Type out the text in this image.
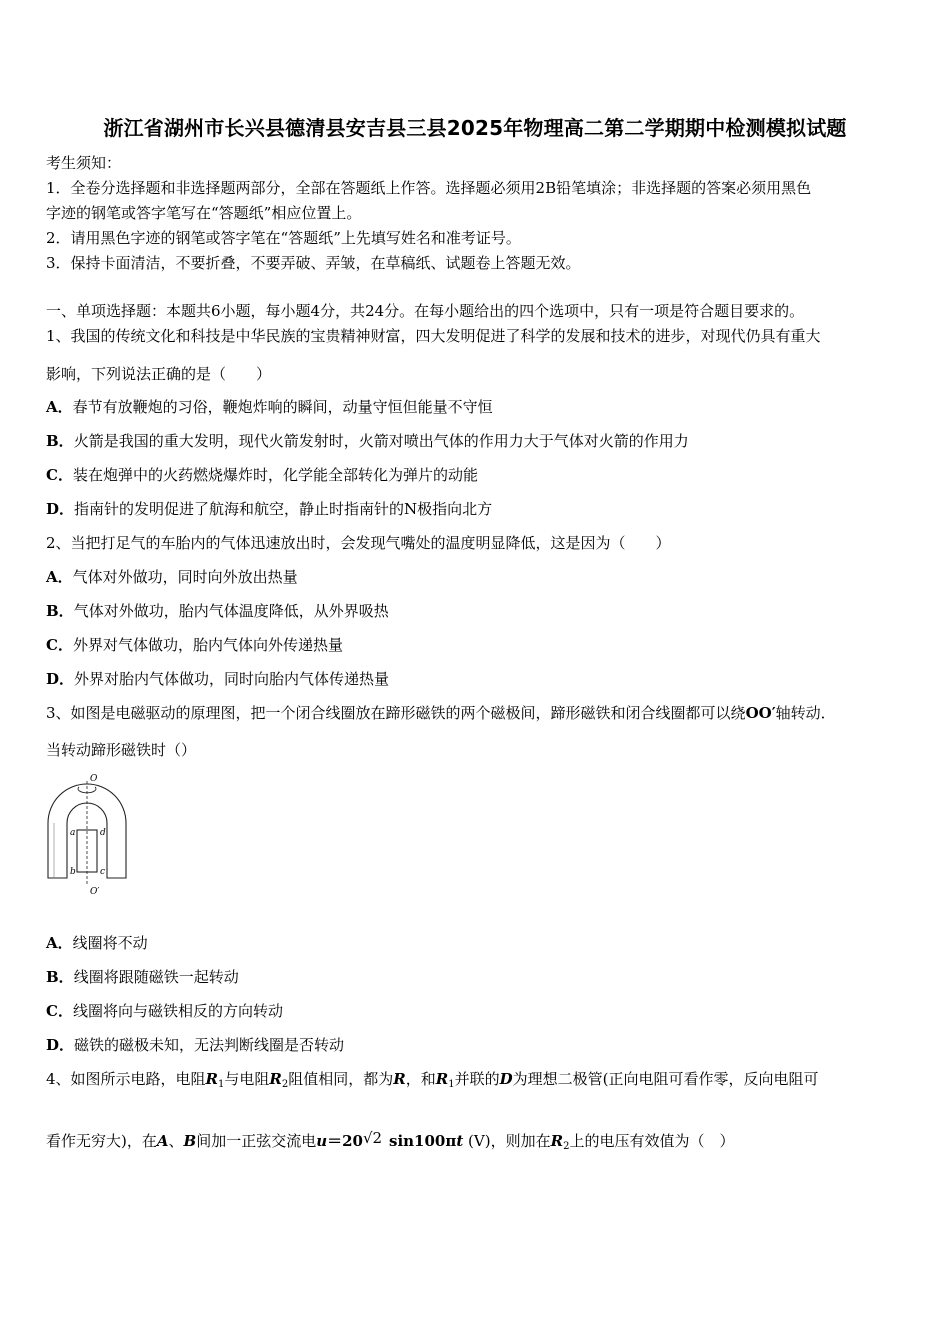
浙江省湖州市长兴县德清县安吉县三县2025年物理高二第二学期期中检测模拟试题
考生须知：
1．全卷分选择题和非选择题两部分，全部在答题纸上作答。选择题必须用2B铅笔填涂；非选择题的答案必须用黑色
字迹的钢笔或答字笔写在“答题纸”相应位置上。
2．请用黑色字迹的钢笔或答字笔在“答题纸”上先填写姓名和准考证号。
3．保持卡面清洁，不要折叠，不要弄破、弄皱，在草稿纸、试题卷上答题无效。
一、单项选择题：本题共6小题，每小题4分，共24分。在每小题给出的四个选项中，只有一项是符合题目要求的。
1、我国的传统文化和科技是中华民族的宝贵精神财富，四大发明促进了科学的发展和技术的进步，对现代仍具有重大
影响，下列说法正确的是（　　）
A．春节有放鞭炮的习俗，鞭炮炸响的瞬间，动量守恒但能量不守恒
B．火箭是我国的重大发明，现代火箭发射时，火箭对喷出气体的作用力大于气体对火箭的作用力
C．装在炮弹中的火药燃烧爆炸时，化学能全部转化为弹片的动能
D．指南针的发明促进了航海和航空，静止时指南针的N极指向北方
2、当把打足气的车胎内的气体迅速放出时，会发现气嘴处的温度明显降低，这是因为（　　）
A．气体对外做功，同时向外放出热量
B．气体对外做功，胎内气体温度降低，从外界吸热
C．外界对气体做功，胎内气体向外传递热量
D．外界对胎内气体做功，同时向胎内气体传递热量
3、如图是电磁驱动的原理图，把一个闭合线圈放在蹄形磁铁的两个磁极间，蹄形磁铁和闭合线圈都可以绕OO′轴转动．
当转动蹄形磁铁时（）
O
O′
a	d
b	c
A．线圈将不动
B．线圈将跟随磁铁一起转动
C．线圈将向与磁铁相反的方向转动
D．磁铁的磁极未知，无法判断线圈是否转动
4、如图所示电路，电阻$R_1$与电阻$R_2$阻值相同，都为R，和$R_1$并联的D为理想二极管(正向电阻可看作零，反向电阻可
看作无穷大)，在A、B间加一正弦交流电u＝20 √2 sin100πt (V)，则加在$R_2$上的电压有效值为（　）
